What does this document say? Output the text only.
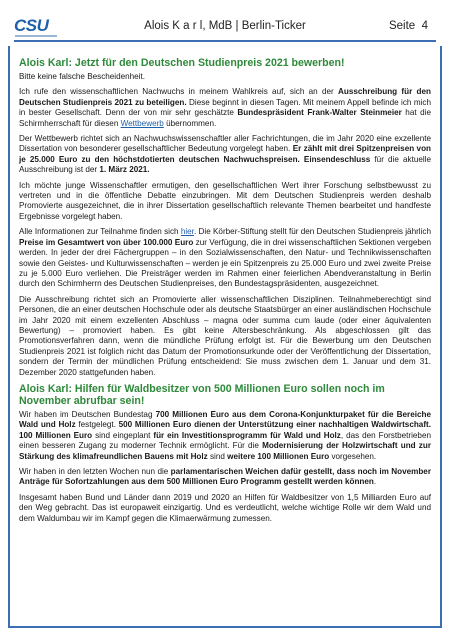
CSU	Alois K a r l, MdB | Berlin-Ticker	Seite 4
Alois Karl: Jetzt für den Deutschen Studienpreis 2021 bewerben!

Bitte keine falsche Bescheidenheit.

Ich rufe den wissenschaftlichen Nachwuchs in meinem Wahlkreis auf, sich an der Ausschreibung für den Deutschen Studienpreis 2021 zu beteiligen. Diese beginnt in diesen Tagen. Mit meinem Appell befinde ich mich in bester Gesellschaft. Denn der von mir sehr geschätzte Bundespräsident Frank-Walter Steinmeier hat die Schirmherrschaft für diesen Wettbewerb übernommen.

Der Wettbewerb richtet sich an Nachwuchswissenschaftler aller Fachrichtungen, die im Jahr 2020 eine exzellente Dissertation von besonderer gesellschaftlicher Bedeutung vorgelegt haben. Er zählt mit drei Spitzenpreisen von je 25.000 Euro zu den höchstdotierten deutschen Nachwuchspreisen. Einsendeschluss für die aktuelle Ausschreibung ist der 1. März 2021.

Ich möchte junge Wissenschaftler ermutigen, den gesellschaftlichen Wert ihrer Forschung selbstbewusst zu vertreten und in die öffentliche Debatte einzubringen. Mit dem Deutschen Studienpreis werden deshalb Promovierte ausgezeichnet, die in ihrer Dissertation gesellschaftlich relevante Themen bearbeitet und handfeste Ergebnisse vorgelegt haben.

Alle Informationen zur Teilnahme finden sich hier. Die Körber-Stiftung stellt für den Deutschen Studienpreis jährlich Preise im Gesamtwert von über 100.000 Euro zur Verfügung, die in drei wissenschaftlichen Sektionen vergeben werden. In jeder der drei Fächergruppen – in den Sozialwissenschaften, den Natur- und Technikwissenschaften sowie den Geistes- und Kulturwissenschaften – werden je ein Spitzenpreis zu 25.000 Euro und zwei zweite Preise zu je 5.000 Euro verliehen. Die Preisträger werden im Rahmen einer feierlichen Abendveranstaltung in Berlin durch den Schirmherrn des Deutschen Studienpreises, den Bundestagspräsidenten, ausgezeichnet.

Die Ausschreibung richtet sich an Promovierte aller wissenschaftlichen Disziplinen. Teilnahmeberechtigt sind Personen, die an einer deutschen Hochschule oder als deutsche Staatsbürger an einer ausländischen Hochschule im Jahr 2020 mit einem exzellenten Abschluss – magna oder summa cum laude (oder einer äquivalenten Bewertung) – promoviert haben. Es gibt keine Altersbeschränkung. Als abgeschlossen gilt das Promotionsverfahren dann, wenn die mündliche Prüfung erfolgt ist. Für die Bewerbung um den Deutschen Studienpreis 2021 ist folglich nicht das Datum der Promotionsurkunde oder der Veröffentlichung der Dissertation, sondern der Termin der mündlichen Prüfung entscheidend: Sie muss zwischen dem 1. Januar und dem 31. Dezember 2020 stattgefunden haben.

Alois Karl: Hilfen für Waldbesitzer von 500 Millionen Euro sollen noch im November abrufbar sein!

Wir haben im Deutschen Bundestag 700 Millionen Euro aus dem Corona-Konjunkturpaket für die Bereiche Wald und Holz festgelegt. 500 Millionen Euro dienen der Unterstützung einer nachhaltigen Waldwirtschaft. 100 Millionen Euro sind eingeplant für ein Investitionsprogramm für Wald und Holz, das den Forstbetrieben einen besseren Zugang zu moderner Technik ermöglicht. Für die Modernisierung der Holzwirtschaft und zur Stärkung des klimafreundlichen Bauens mit Holz sind weitere 100 Millionen Euro vorgesehen.

Wir haben in den letzten Wochen nun die parlamentarischen Weichen dafür gestellt, dass noch im November Anträge für Sofortzahlungen aus dem 500 Millionen Euro Programm gestellt werden können.

Insgesamt haben Bund und Länder dann 2019 und 2020 an Hilfen für Waldbesitzer von 1,5 Milliarden Euro auf den Weg gebracht. Das ist europaweit einzigartig. Und es verdeutlicht, welche wichtige Rolle wir dem Wald und dem Waldumbau wir im Kampf gegen die Klimaerwärmung zumessen.
